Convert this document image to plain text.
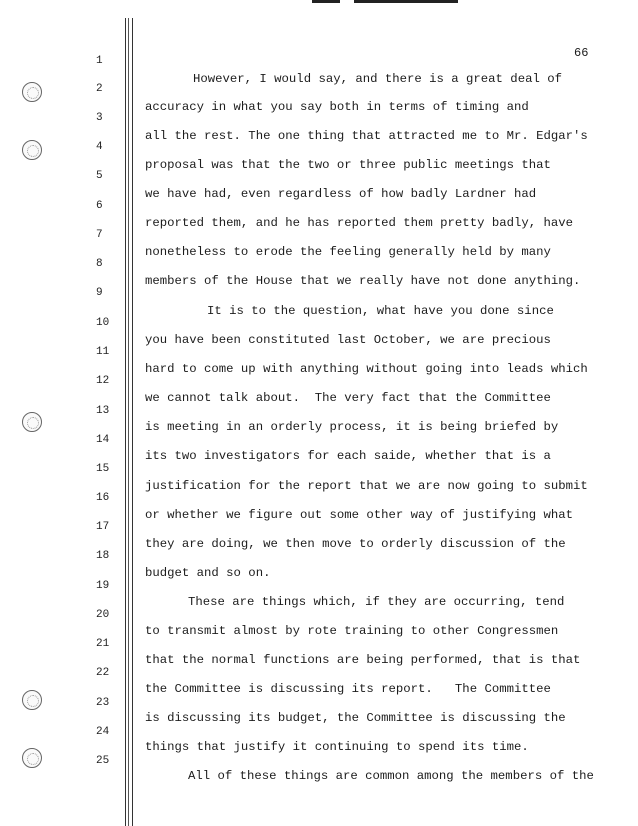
66
1
2
3
4
5
6
7
8
9
10
11
12
13
14
15
16
17
18
19
20
21
22
23
24
25
However, I would say, and there is a great deal of
accuracy in what you say both in terms of timing and
all the rest. The one thing that attracted me to Mr. Edgar's
proposal was that the two or three public meetings that
we have had, even regardless of how badly Lardner had
reported them, and he has reported them pretty badly, have
nonetheless to erode the feeling generally held by many
members of the House that we really have not done anything.
It is to the question, what have you done since
you have been constituted last October, we are precious
hard to come up with anything without going into leads which
we cannot talk about.  The very fact that the Committee
is meeting in an orderly process, it is being briefed by
its two investigators for each saide, whether that is a
justification for the report that we are now going to submit
or whether we figure out some other way of justifying what
they are doing, we then move to orderly discussion of the
budget and so on.
These are things which, if they are occurring, tend
to transmit almost by rote training to other Congressmen
that the normal functions are being performed, that is that
the Committee is discussing its report.   The Committee
is discussing its budget, the Committee is discussing the
things that justify it continuing to spend its time.
All of these things are common among the members of the
